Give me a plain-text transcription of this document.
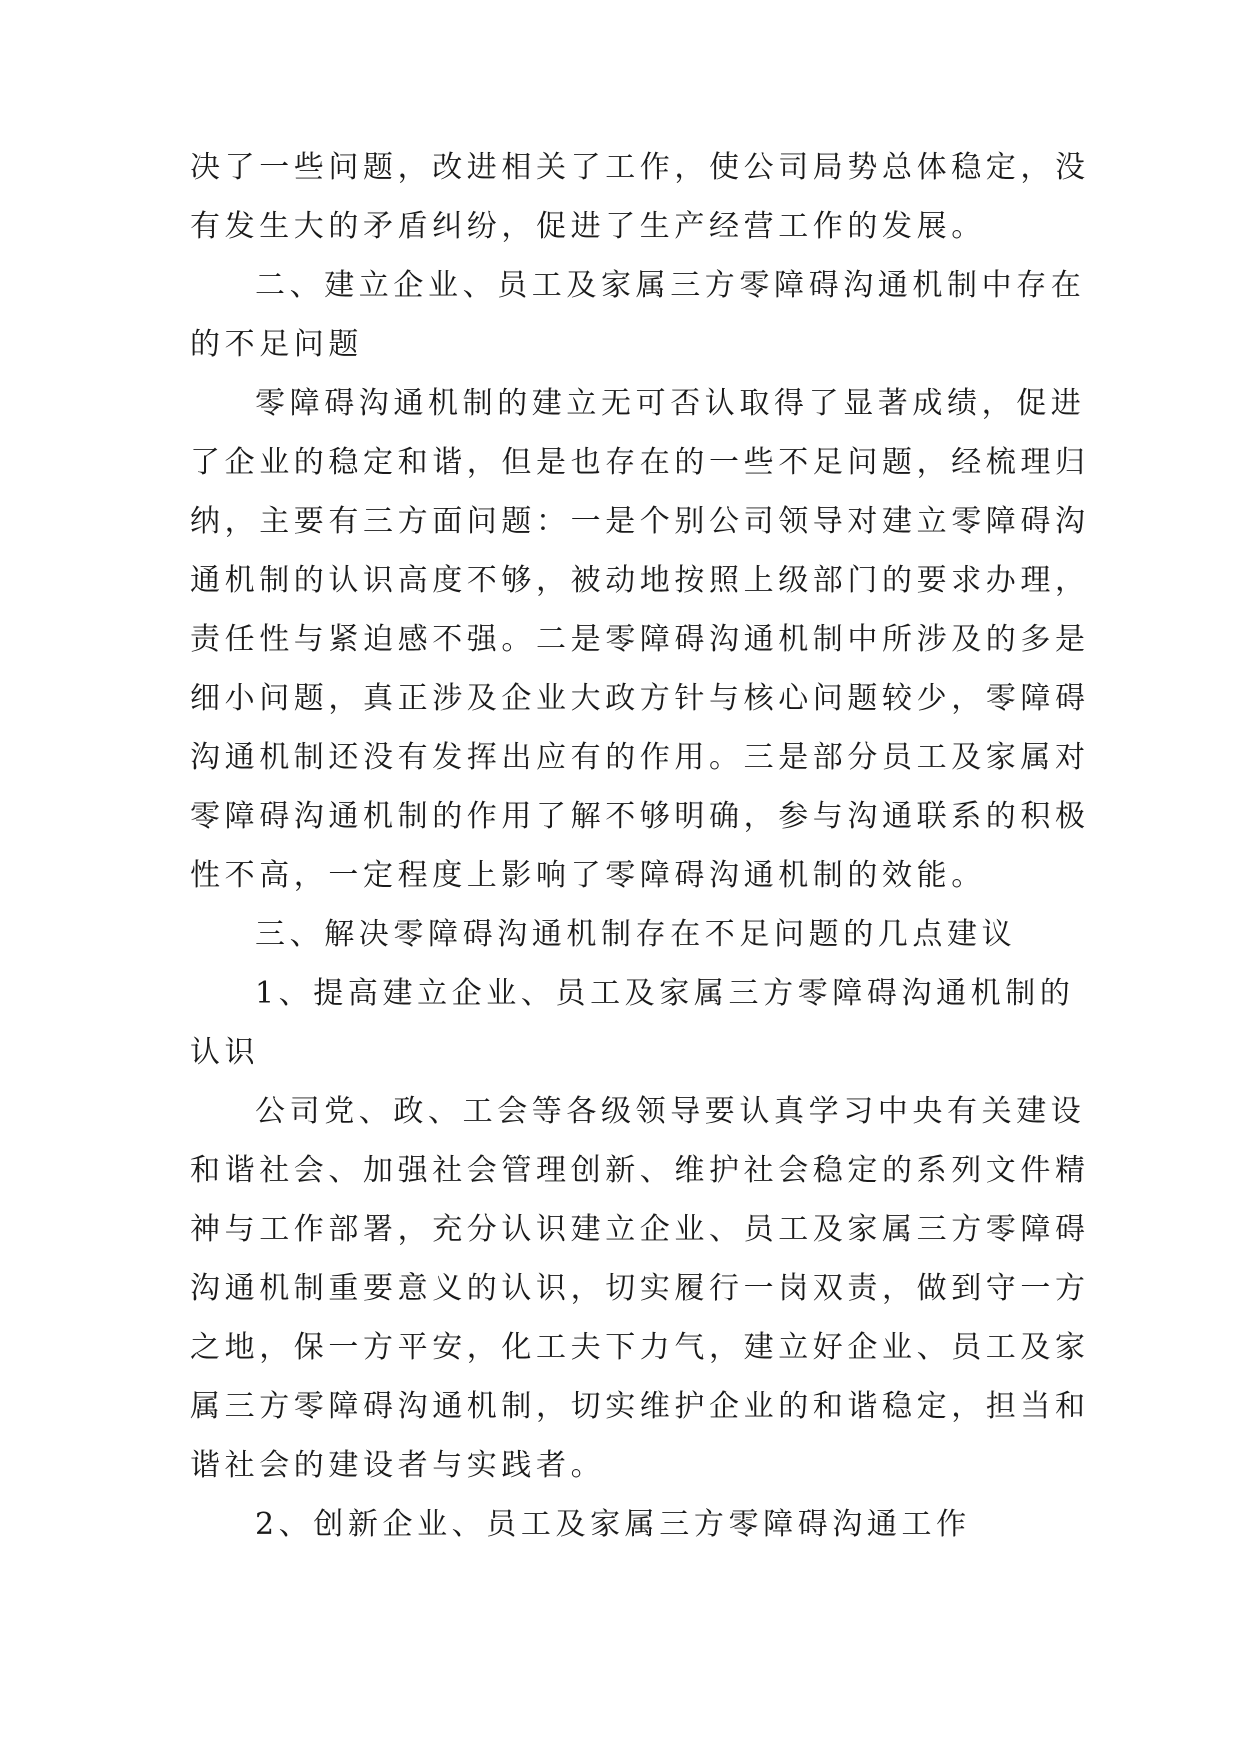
决了一些问题，改进相关了工作，使公司局势总体稳定，没
有发生大的矛盾纠纷，促进了生产经营工作的发展。
二、建立企业、员工及家属三方零障碍沟通机制中存在
的不足问题
零障碍沟通机制的建立无可否认取得了显著成绩，促进
了企业的稳定和谐，但是也存在的一些不足问题，经梳理归
纳，主要有三方面问题：一是个别公司领导对建立零障碍沟
通机制的认识高度不够，被动地按照上级部门的要求办理，
责任性与紧迫感不强。二是零障碍沟通机制中所涉及的多是
细小问题，真正涉及企业大政方针与核心问题较少，零障碍
沟通机制还没有发挥出应有的作用。三是部分员工及家属对
零障碍沟通机制的作用了解不够明确，参与沟通联系的积极
性不高，一定程度上影响了零障碍沟通机制的效能。
三、解决零障碍沟通机制存在不足问题的几点建议
1、提高建立企业、员工及家属三方零障碍沟通机制的
认识
公司党、政、工会等各级领导要认真学习中央有关建设
和谐社会、加强社会管理创新、维护社会稳定的系列文件精
神与工作部署，充分认识建立企业、员工及家属三方零障碍
沟通机制重要意义的认识，切实履行一岗双责，做到守一方
之地，保一方平安，化工夫下力气，建立好企业、员工及家
属三方零障碍沟通机制，切实维护企业的和谐稳定，担当和
谐社会的建设者与实践者。
2、创新企业、员工及家属三方零障碍沟通工作
